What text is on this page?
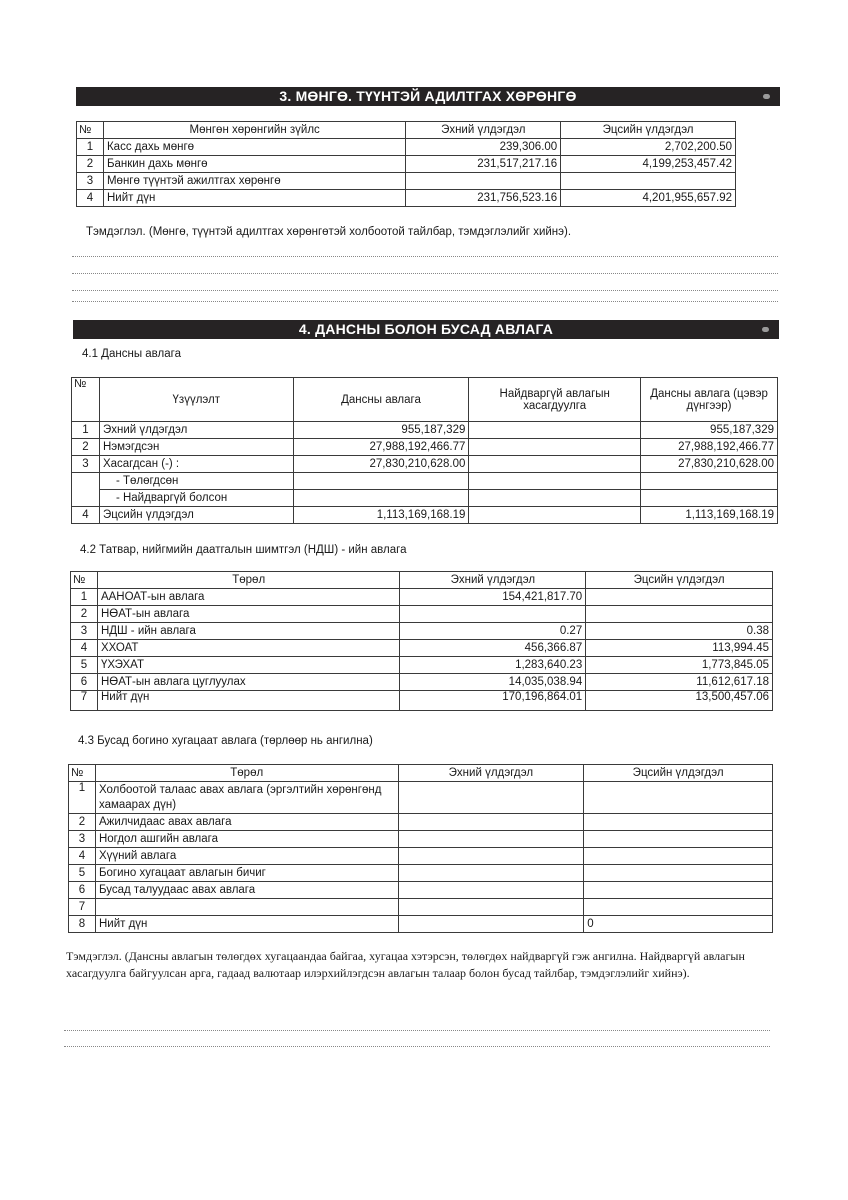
3. МӨНГӨ. ТҮҮНТЭЙ АДИЛТГАХ ХӨРӨНГӨ
№	Мөнгөн хөрөнгийн зүйлс	Эхний үлдэгдэл	Эцсийн үлдэгдэл
1	Касс дахь мөнгө	239,306.00	2,702,200.50
2	Банкин дахь мөнгө	231,517,217.16	4,199,253,457.42
3	Мөнгө түүнтэй ажилтгах хөрөнгө		
4	Нийт дүн	231,756,523.16	4,201,955,657.92
Тэмдэглэл. (Мөнгө, түүнтэй адилтгах хөрөнгөтэй холбоотой тайлбар, тэмдэглэлийг хийнэ).
4. ДАНСНЫ БОЛОН БУСАД АВЛАГА
4.1 Дансны авлага
№	Үзүүлэлт	Дансны авлага	Найдваргүй авлагын хасагдуулга	Дансны авлага (цэвэр дүнгээр)
1	Эхний үлдэгдэл	955,187,329		955,187,329
2	Нэмэгдсэн	27,988,192,466.77		27,988,192,466.77
3	Хасагдсан (-) :	27,830,210,628.00		27,830,210,628.00
	- Төлөгдсөн			
	- Найдваргүй болсон			
4	Эцсийн үлдэгдэл	1,113,169,168.19		1,113,169,168.19
4.2 Татвар, нийгмийн даатгалын шимтгэл (НДШ) - ийн авлага
№	Төрөл	Эхний үлдэгдэл	Эцсийн үлдэгдэл
1	ААНОАТ-ын авлага	154,421,817.70	
2	НӨАТ-ын авлага		
3	НДШ - ийн авлага	0.27	0.38
4	ХХОАТ	456,366.87	113,994.45
5	ҮХЭХАТ	1,283,640.23	1,773,845.05
6	НӨАТ-ын авлага цуглуулах	14,035,038.94	11,612,617.18
7	Нийт дүн	170,196,864.01	13,500,457.06
4.3 Бусад богино хугацаат авлага (төрлөөр нь ангилна)
№	Төрөл	Эхний үлдэгдэл	Эцсийн үлдэгдэл
1	Холбоотой талаас авах авлага (эргэлтийн хөрөнгөнд хамаарах дүн)		
2	Ажилчидаас авах авлага		
3	Ногдол ашгийн авлага		
4	Хүүний авлага		
5	Богино хугацаат авлагын бичиг		
6	Бусад талуудаас авах авлага		
7			
8	Нийт дүн		0
Тэмдэглэл. (Дансны авлагын төлөгдөх хугацаандаа байгаа, хугацаа хэтэрсэн, төлөгдөх найдваргүй гэж ангилна. Найдваргүй авлагын хасагдуулга байгуулсан арга, гадаад валютаар илэрхийлэгдсэн авлагын талаар болон бусад тайлбар, тэмдэглэлийг хийнэ).
